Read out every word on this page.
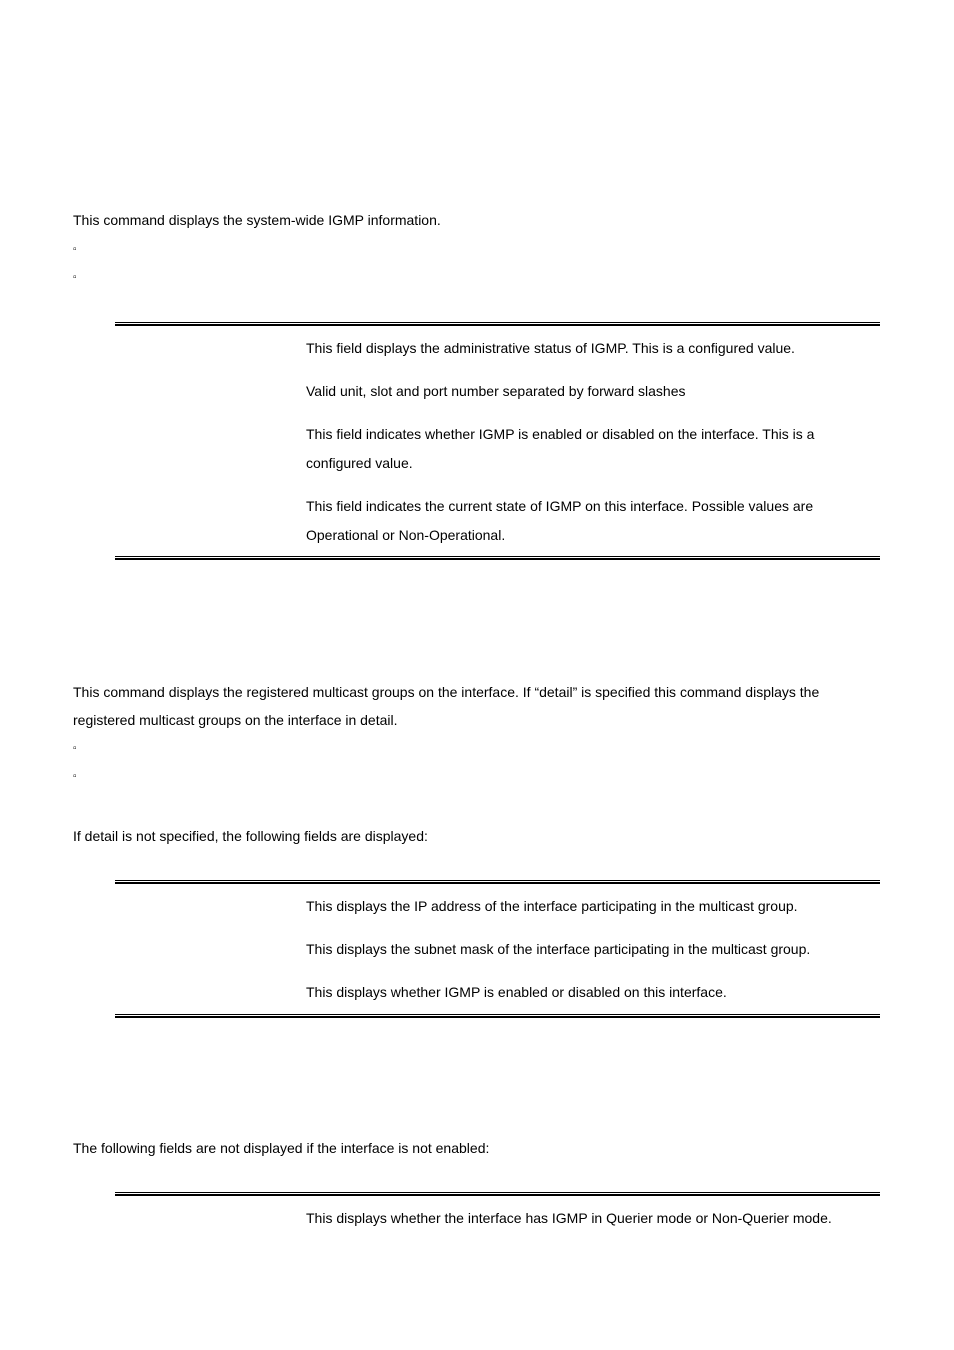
This command displays the system-wide IGMP information.

▫
▫

This field displays the administrative status of IGMP. This is a configured value.

Valid unit, slot and port number separated by forward slashes

This field indicates whether IGMP is enabled or disabled on the interface. This is a configured value.

This field indicates the current state of IGMP on this interface. Possible values are Operational or Non-Operational.

This command displays the registered multicast groups on the interface. If “detail” is specified this command displays the registered multicast groups on the interface in detail.

▫
▫

If detail is not specified, the following fields are displayed:

This displays the IP address of the interface participating in the multicast group.

This displays the subnet mask of the interface participating in the multicast group.

This displays whether IGMP is enabled or disabled on this interface.

The following fields are not displayed if the interface is not enabled:

This displays whether the interface has IGMP in Querier mode or Non-Querier mode.
